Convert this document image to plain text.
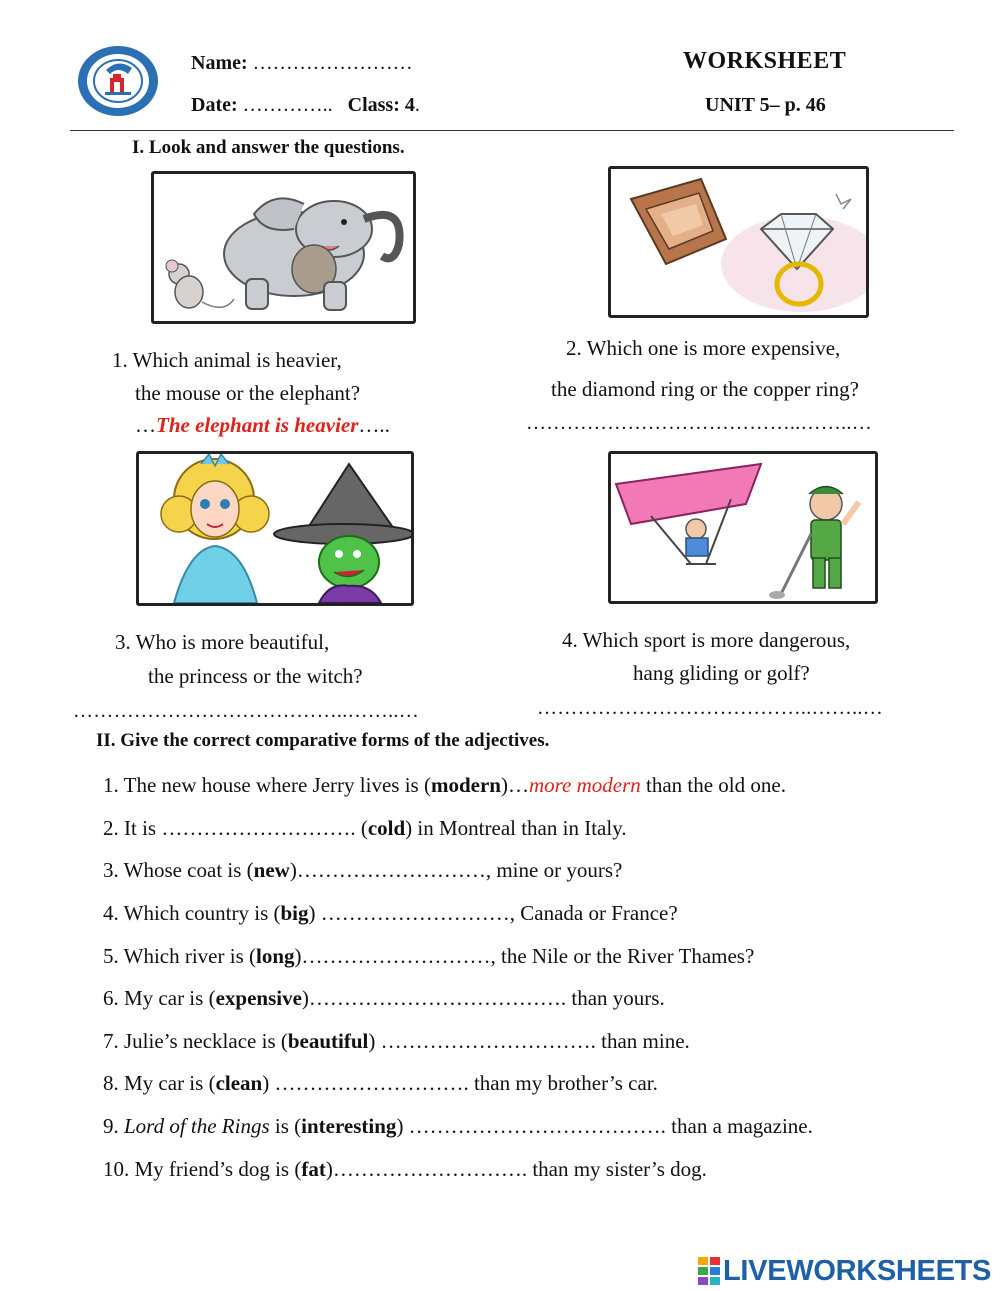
Name: ……………………
Date: ………….. Class: 4.
WORKSHEET
UNIT 5– p. 46
I. Look and answer the questions.
1. Which animal is heavier,
the mouse or the elephant?
…The elephant is heavier…..
2. Which one is more expensive,
the diamond ring or the copper ring?
…………………………………..……..…
3. Who is more beautiful,
the princess or the witch?
…………………………………..……..…
4. Which sport is more dangerous,
hang gliding or golf?
…………………………………..……..…
II. Give the correct comparative forms of the adjectives.
1. The new house where Jerry lives is (modern)…more modern than the old one.
2. It is ………………………. (cold) in Montreal than in Italy.
3. Whose coat is (new)………………………, mine or yours?
4. Which country is (big) ………………………, Canada or France?
5. Which river is (long)………………………, the Nile or the River Thames?
6. My car is (expensive)………………………………. than yours.
7. Julie’s necklace is (beautiful) …………………………. than mine.
8. My car is (clean) ………………………. than my brother’s car.
9. Lord of the Rings is (interesting) ………………………………. than a magazine.
10. My friend’s dog is (fat)………………………. than my sister’s dog.
LIVEWORKSHEETS
